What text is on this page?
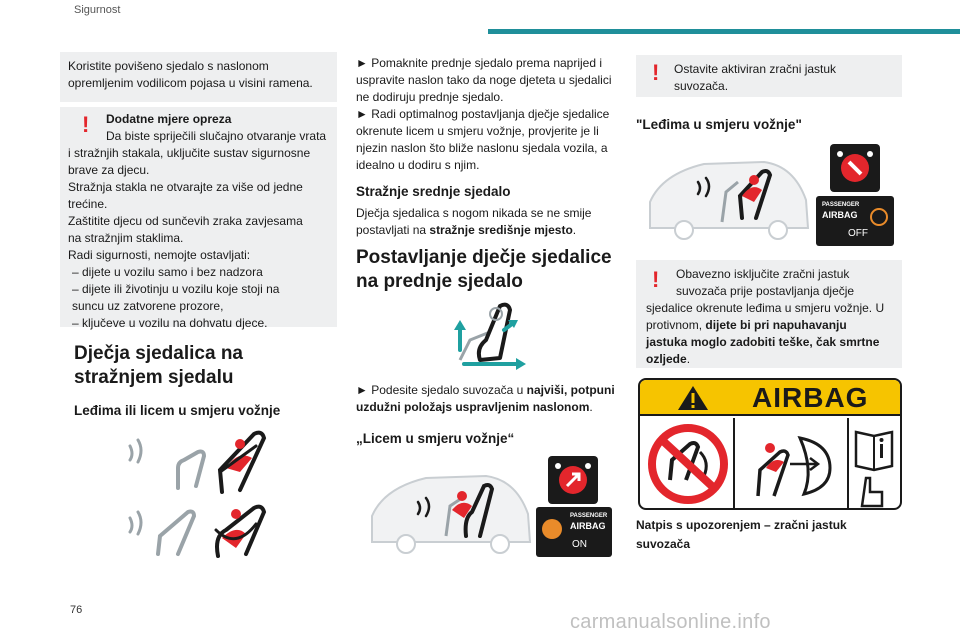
Sigurnost
76
carmanualsonline.info
Koristite povišeno sjedalo s naslonom opremljenim vodilicom pojasa u visini ramena.
!	Dodatne mjere opreza
Da biste spriječili slučajno otvaranje vrata
i stražnjih stakala, uključite sustav sigurnosne
brave za djecu.
Stražnja stakla ne otvarajte za više od jedne
trećine.
Zaštitite djecu od sunčevih zraka zavjesama
na stražnjim staklima.
Radi sigurnosti, nemojte ostavljati:
– dijete u vozilu samo i bez nadzora
– dijete ili životinju u vozilu koje stoji na
suncu uz zatvorene prozore,
– ključeve u vozilu na dohvatu djece.
Dječja sjedalica na
stražnjem sjedalu
Leđima ili licem u smjeru vožnje
► Pomaknite prednje sjedalo prema naprijed i
uspravite naslon tako da noge djeteta u sjedalici
ne dodiruju prednje sjedalo.
► Radi optimalnog postavljanja dječje sjedalice
okrenute licem u smjeru vožnje, provjerite je li
njezin naslon što bliže naslonu sjedala vozila, a
idealno u dodiru s njim.
Stražnje srednje sjedalo
Dječja sjedalica s nogom nikada se ne smije
postavljati na stražnje središnje mjesto.
Postavljanje dječje sjedalice
na prednje sjedalo
► Podesite sjedalo suvozača u najviši, potpuni
uzdužni položajs uspravljenim naslonom.
„Licem u smjeru vožnje“
PASSENGER
AIRBAG
ON
! Ostavite aktiviran zračni jastuk suvozača.
"Leđima u smjeru vožnje"
PASSENGER
AIRBAG
OFF
!	Obavezno isključite zračni jastuk
suvozača prije postavljanja dječje
sjedalice okrenute leđima u smjeru vožnje. U
protivnom, dijete bi pri napuhavanju
jastuka moglo zadobiti teške, čak smrtne
ozljede.
AIRBAG
Natpis s upozorenjem – zračni jastuk
suvozača
